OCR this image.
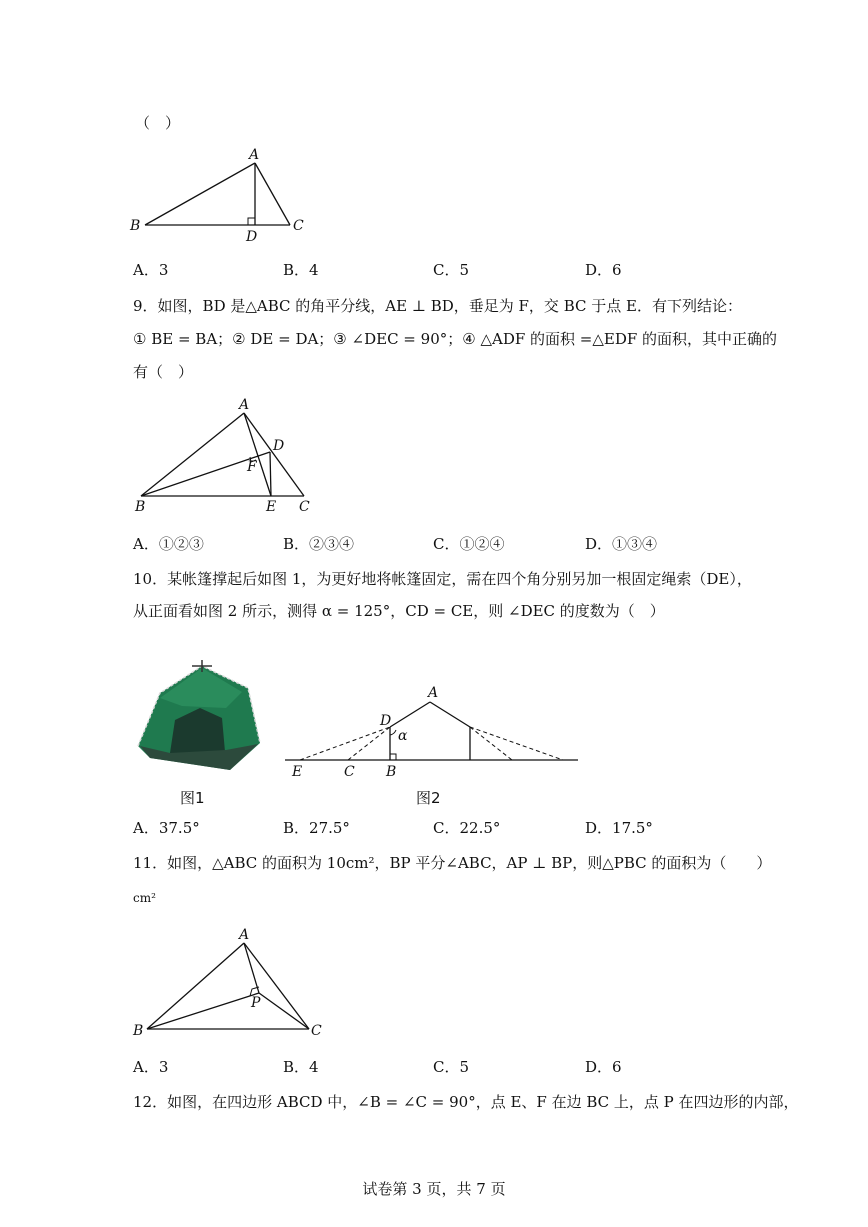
（　）
A
B	C
D
A．3	B．4	C．5	D．6
9．如图，BD 是△ABC 的角平分线，AE ⊥ BD，垂足为 F，交 BC 于点 E．有下列结论：
① BE = BA；② DE = DA；③ ∠DEC = 90°；④ △ADF 的面积 =△EDF 的面积，其中正确的
有（　）
A
B	C
D
E
F
A．①②③	B．②③④	C．①②④	D．①③④
10．某帐篷撑起后如图 1，为更好地将帐篷固定，需在四个角分别另加一根固定绳索（DE），
从正面看如图 2 所示，测得 α = 125°，CD = CE，则 ∠DEC 的度数为（　）
图1
A
D
α
E	C B
图2
A．37.5°	B．27.5°	C．22.5°	D．17.5°
11．如图，△ABC 的面积为 10cm²，BP 平分∠ABC，AP ⊥ BP，则△PBC 的面积为（　　）
cm²
A
B	C
P
A．3	B．4	C．5	D．6
12．如图，在四边形 ABCD 中，∠B = ∠C = 90°，点 E、F 在边 BC 上，点 P 在四边形的内部，
试卷第 3 页，共 7 页
